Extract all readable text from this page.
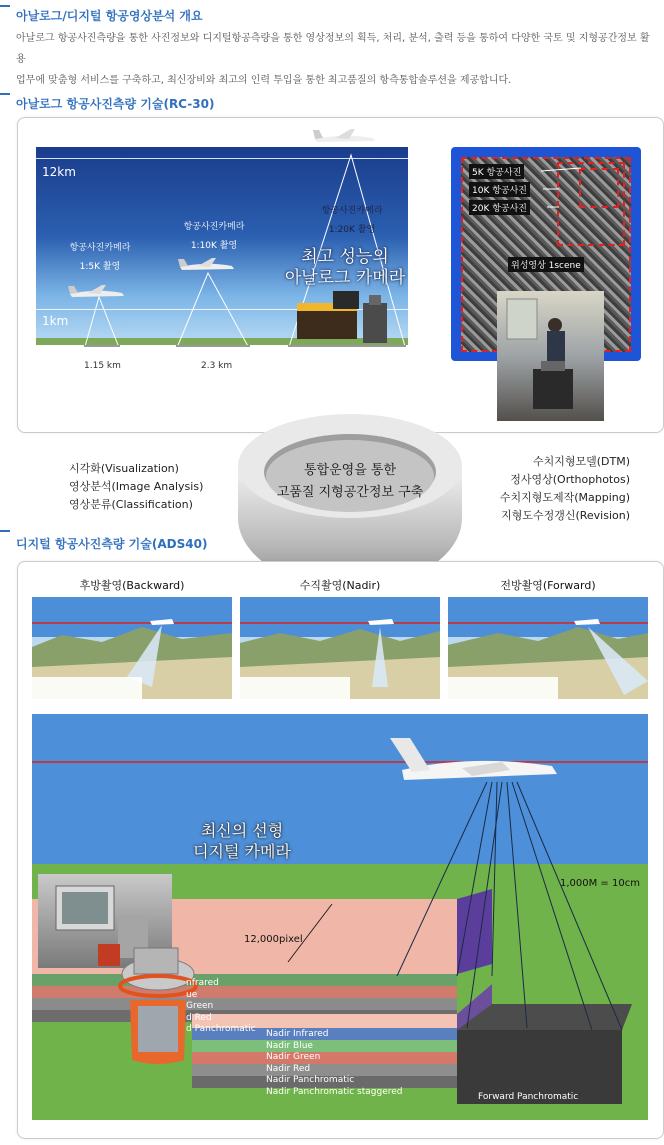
아날로그/디지털 항공영상분석 개요
아날로그 항공사진측량을 통한 사진정보와 디지털항공측량을 통한 영상정보의 획득, 처리, 분석, 출력 등을 통하여 다양한 국토 및 지형공간정보 활용
업무에 맞춤형 서비스를 구축하고, 최신장비와 최고의 인력 투입을 통한 최고품질의 항측통합솔루션을 제공합니다.
아날로그 항공사진측량 기술(RC-30)
12km
1km
항공사진카메라
1:5K 촬영
항공사진카메라
1:10K 촬영
항공사진카메라
1:20K 촬영
최고 성능의
아날로그 카메라
1.15 km	2.3 km
5K 항공사진
10K 항공사진
20K 항공사진
위성영상 1scene
시각화(Visualization)
영상분석(Image Analysis)
영상분류(Classification)
통합운영을 통한
고품질 지형공간정보 구축
수치지형모델(DTM)
정사영상(Orthophotos)
수치지형도제작(Mapping)
지형도수정갱신(Revision)
디지털 항공사진측량 기술(ADS40)
후방촬영(Backward)	수직촬영(Nadir)	전방촬영(Forward)
최신의 선형
디지털 카메라
1,000M = 10cm
12,000pixel
nfrared
ue
Green
d Red
d Panchromatic Nadir Infrared
Nadir Blue
Nadir Green
Nadir Red
Nadir Panchromatic
Nadir Panchromatic staggered
Forward Panchromatic
